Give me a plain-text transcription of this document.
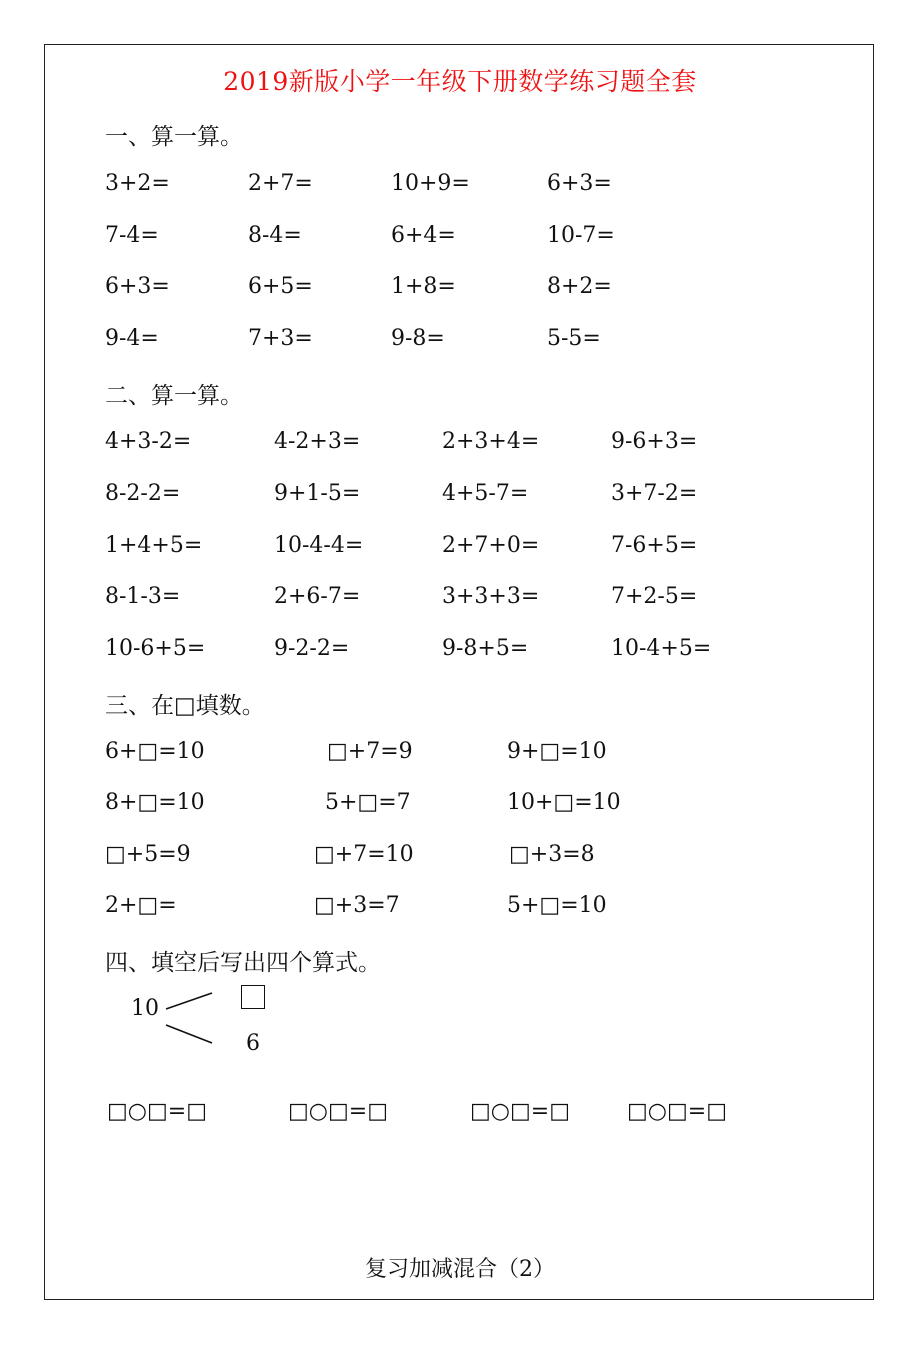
2019新版小学一年级下册数学练习题全套
一、算一算。
3+2=	2+7=	10+9=	6+3=
7-4=	8-4=	6+4=	10-7=
6+3=	6+5=	1+8=	8+2=
9-4=	7+3=	9-8=	5-5=
二、算一算。
4+3-2=	4-2+3=	2+3+4=	9-6+3=
8-2-2=	9+1-5=	4+5-7=	3+7-2=
1+4+5=	10-4-4=	2+7+0=	7-6+5=
8-1-3=	2+6-7=	3+3+3=	7+2-5=
10-6+5=	9-2-2=	9-8+5=	10-4+5=
三、在□填数。
6+□=10	□+7=9	9+□=10
8+□=10	5+□=7	10+□=10
□+5=9	□+7=10	□+3=8
2+□=	□+3=7	5+□=10
四、填空后写出四个算式。
10
6
□○□=□	□○□=□	□○□=□	□○□=□
复习加减混合（2）
